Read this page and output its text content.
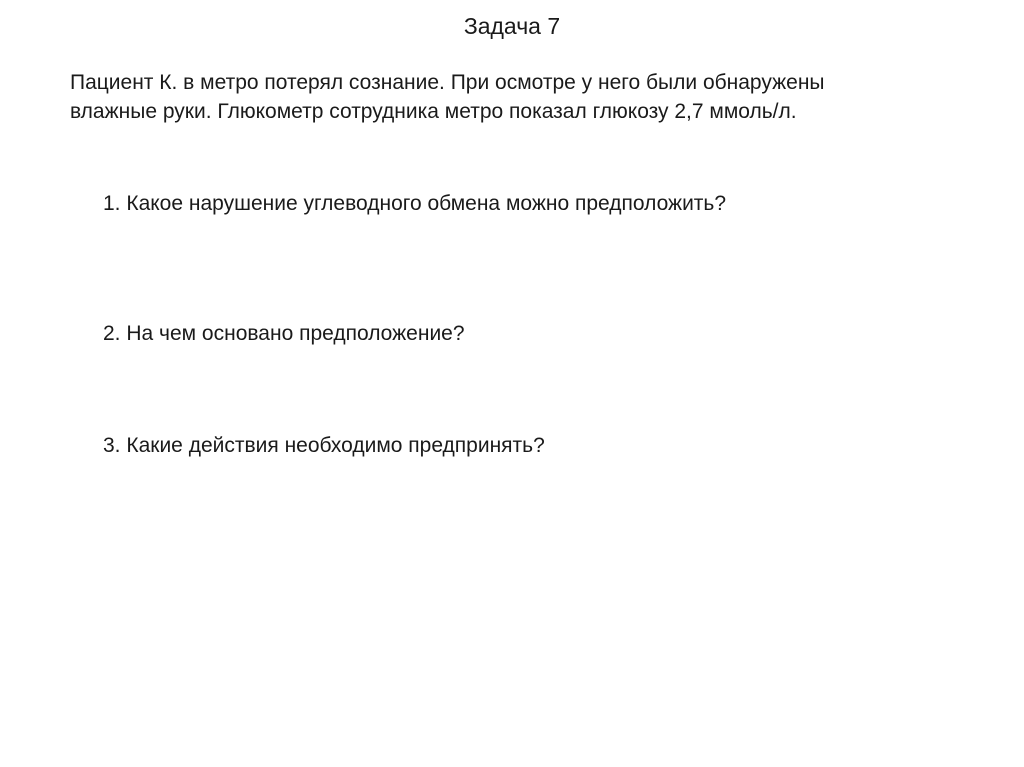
Задача 7

Пациент К. в метро потерял сознание. При осмотре у него были обнаружены

влажные руки. Глюкометр сотрудника метро показал глюкозу 2,7 ммоль/л.

1. Какое нарушение углеводного обмена можно предположить?

2. На чем основано предположение?

3. Какие действия необходимо предпринять?
